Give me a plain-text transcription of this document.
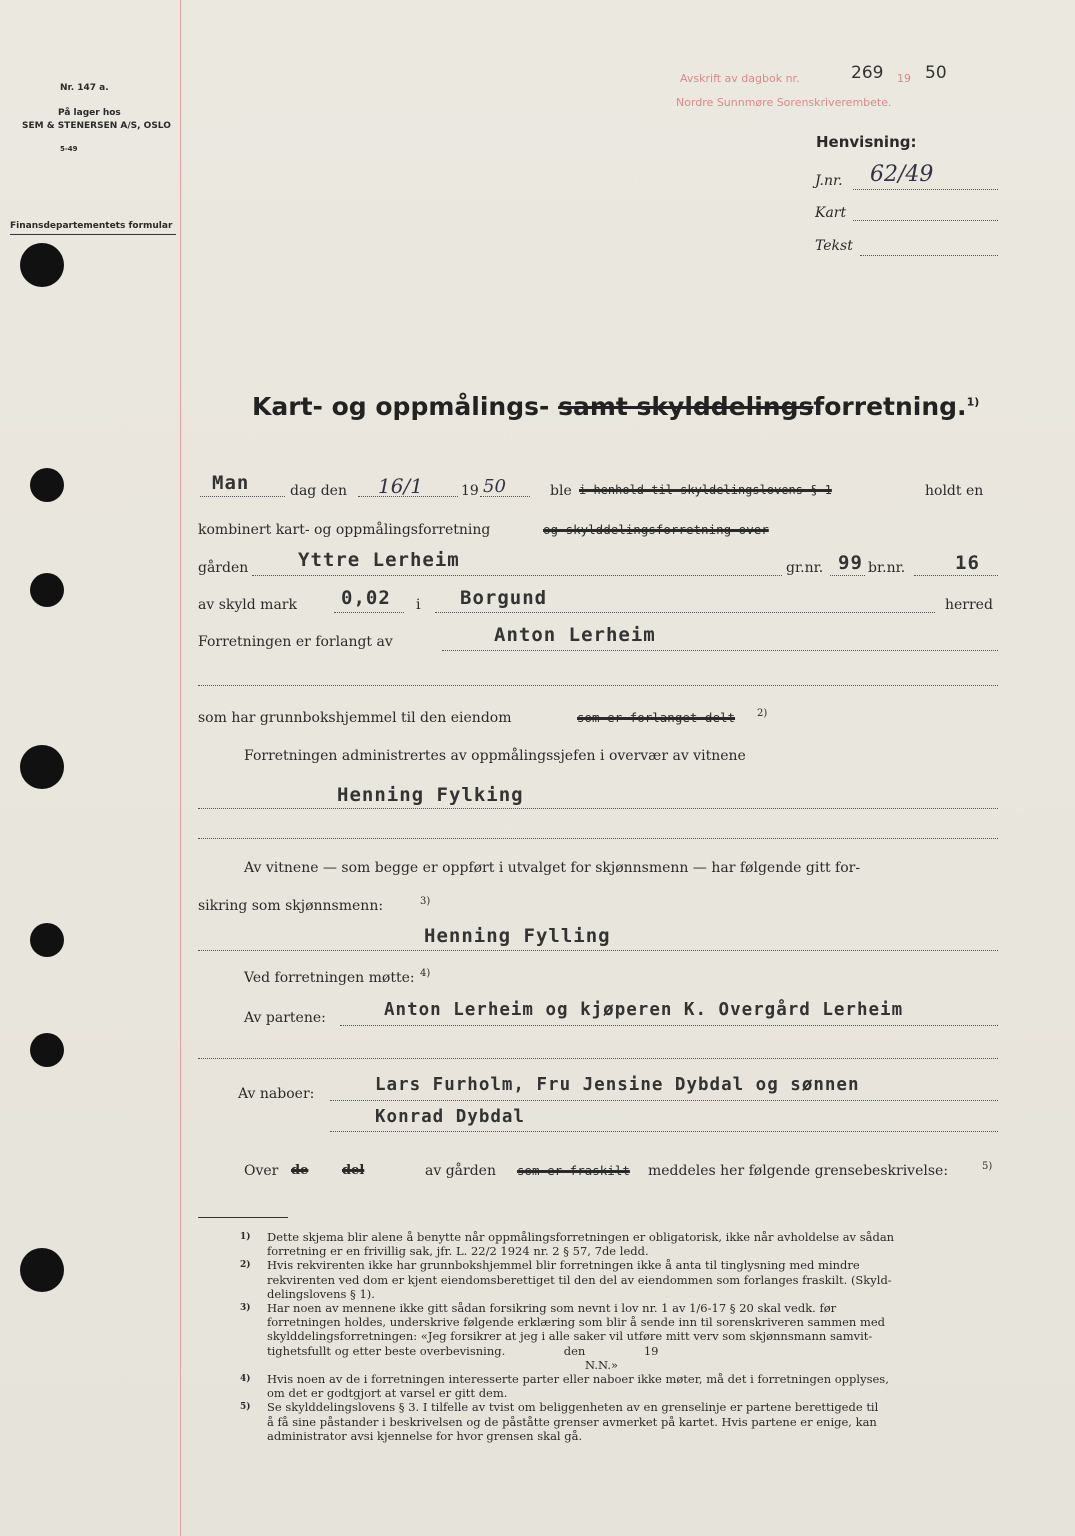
Nr. 147 a.
På lager hos
SEM & STENERSEN A/S, OSLO
5-49
Finansdepartementets formular
Avskrift av dagbok nr.	269 19 50
Nordre Sunnmøre Sorenskriverembete.
Henvisning:
J.nr. 62/49
Kart
Tekst
Kart- og oppmålings- samt skylddelingsforretning.$^{1)}$
Man	dag den 16/1	19 50	ble i henhold til skyldelingslovens § 1	holdt en
kombinert kart- og oppmålingsforretning	og skylddelingsforretning over
gården	Yttre Lerheim	gr.nr. 99 br.nr.	16
av skyld mark 0,02 i Borgund	herred
Forretningen er forlangt av	Anton Lerheim
som har grunnbokshjemmel til den eiendom	som er forlanget delt 2)
Forretningen administrertes av oppmålingssjefen i overvær av vitnene
Henning Fylking
Av vitnene — som begge er oppført i utvalget for skjønnsmenn — har følgende gitt for-
sikring som skjønnsmenn:	3)
Henning Fylling
Ved forretningen møtte: 4)
Av partene:	Anton Lerheim og kjøperen K. Overgård Lerheim
Av naboer:	Lars Furholm, Fru Jensine Dybdal og sønnen
Konrad Dybdal
Over de	del	av gården som er fraskilt meddeles her følgende grensebeskrivelse:	5)
1) Dette skjema blir alene å benytte når oppmålingsforretningen er obligatorisk, ikke når avholdelse av sådan
forretning er en frivillig sak, jfr. L. 22/2 1924 nr. 2 § 57, 7de ledd.
2) Hvis rekvirenten ikke har grunnbokshjemmel blir forretningen ikke å anta til tinglysning med mindre
rekvirenten ved dom er kjent eiendomsberettiget til den del av eiendommen som forlanges fraskilt. (Skyld-
delingslovens § 1).
3) Har noen av mennene ikke gitt sådan forsikring som nevnt i lov nr. 1 av 1/6-17 § 20 skal vedk. før
forretningen holdes, underskrive følgende erklæring som blir å sende inn til sorenskriveren sammen med
skylddelingsforretningen: «Jeg forsikrer at jeg i alle saker vil utføre mitt verv som skjønnsmann samvit-
tighetsfullt og etter beste overbevisning.                den                19
N.N.»
4) Hvis noen av de i forretningen interesserte parter eller naboer ikke møter, må det i forretningen opplyses,
om det er godtgjort at varsel er gitt dem.
5) Se skylddelingslovens § 3. I tilfelle av tvist om beliggenheten av en grenselinje er partene berettigede til
å få sine påstander i beskrivelsen og de påståtte grenser avmerket på kartet. Hvis partene er enige, kan
administrator avsi kjennelse for hvor grensen skal gå.
